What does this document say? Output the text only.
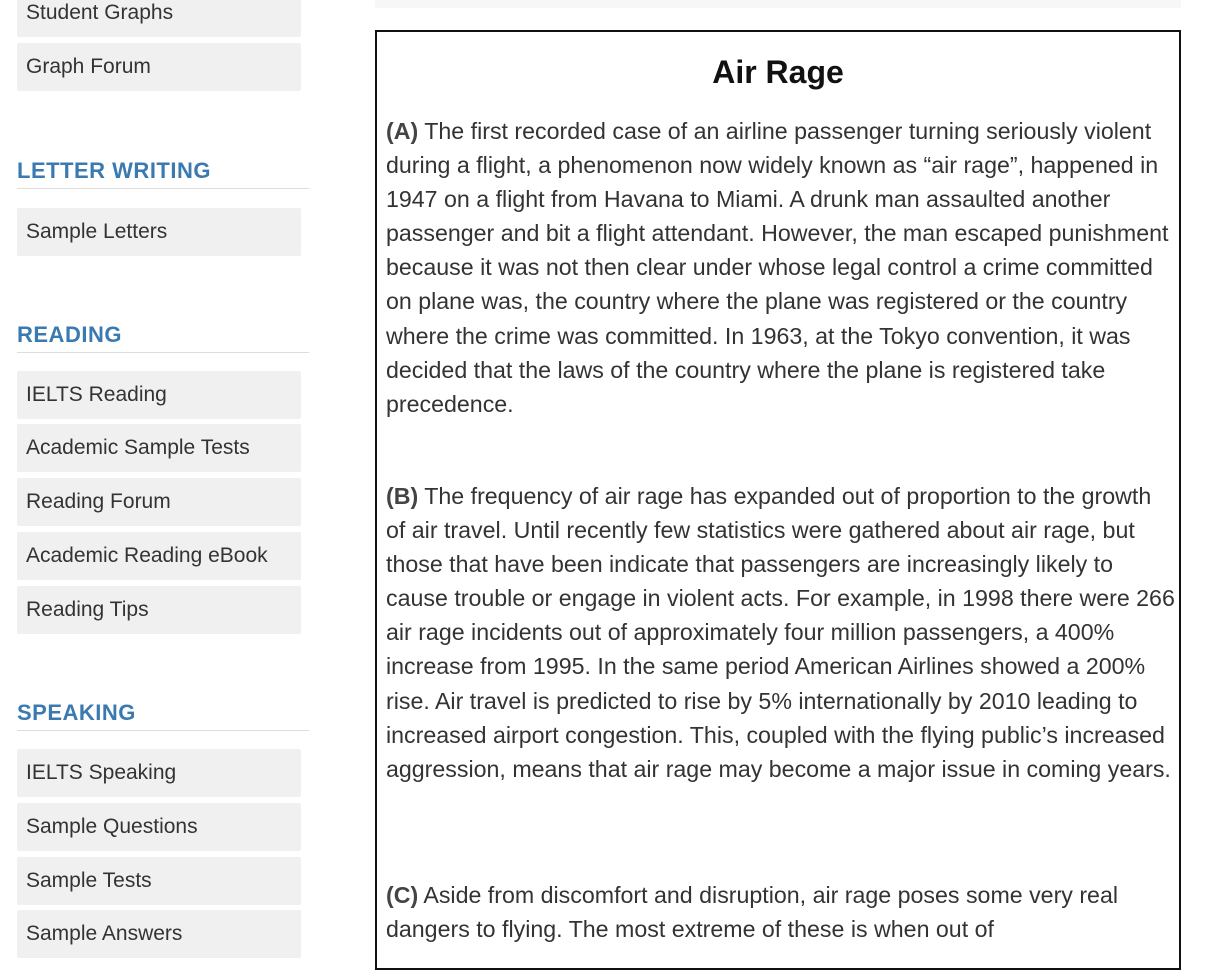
Student Graphs
Graph Forum
LETTER WRITING
Sample Letters
READING
IELTS Reading
Academic Sample Tests
Reading Forum
Academic Reading eBook
Reading Tips
SPEAKING
IELTS Speaking
Sample Questions
Sample Tests
Sample Answers
Air Rage
(A) The first recorded case of an airline passenger turning seriously violent during a flight, a phenomenon now widely known as “air rage”, happened in 1947 on a flight from Havana to Miami. A drunk man assaulted another passenger and bit a flight attendant. However, the man escaped punishment because it was not then clear under whose legal control a crime committed on plane was, the country where the plane was registered or the country where the crime was committed. In 1963, at the Tokyo convention, it was decided that the laws of the country where the plane is registered take precedence.
(B) The frequency of air rage has expanded out of proportion to the growth of air travel. Until recently few statistics were gathered about air rage, but those that have been indicate that passengers are increasingly likely to cause trouble or engage in violent acts. For example, in 1998 there were 266 air rage incidents out of approximately four million passengers, a 400% increase from 1995. In the same period American Airlines showed a 200% rise. Air travel is predicted to rise by 5% internationally by 2010 leading to increased airport congestion. This, coupled with the flying public’s increased aggression, means that air rage may become a major issue in coming years.
(C) Aside from discomfort and disruption, air rage poses some very real dangers to flying. The most extreme of these is when out of
